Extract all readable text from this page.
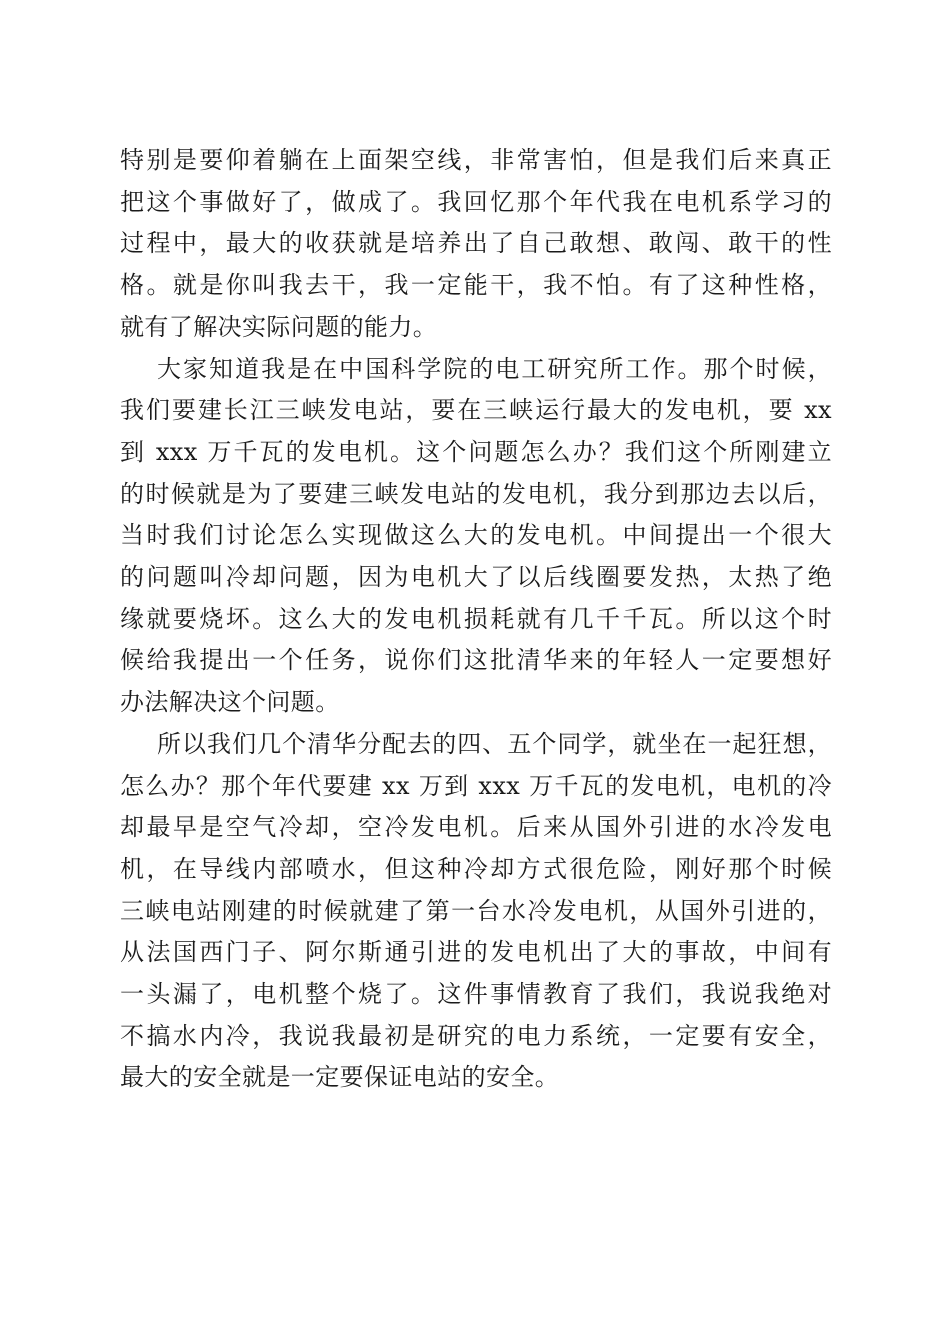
特别是要仰着躺在上面架空线，非常害怕，但是我们后来真正
把这个事做好了，做成了。我回忆那个年代我在电机系学习的
过程中，最大的收获就是培养出了自己敢想、敢闯、敢干的性
格。就是你叫我去干，我一定能干，我不怕。有了这种性格，
就有了解决实际问题的能力。
大家知道我是在中国科学院的电工研究所工作。那个时候，
我们要建长江三峡发电站，要在三峡运行最大的发电机，要 xx
到 xxx 万千瓦的发电机。这个问题怎么办？我们这个所刚建立
的时候就是为了要建三峡发电站的发电机，我分到那边去以后，
当时我们讨论怎么实现做这么大的发电机。中间提出一个很大
的问题叫冷却问题，因为电机大了以后线圈要发热，太热了绝
缘就要烧坏。这么大的发电机损耗就有几千千瓦。所以这个时
候给我提出一个任务，说你们这批清华来的年轻人一定要想好
办法解决这个问题。
所以我们几个清华分配去的四、五个同学，就坐在一起狂想，
怎么办？那个年代要建 xx 万到 xxx 万千瓦的发电机，电机的冷
却最早是空气冷却，空冷发电机。后来从国外引进的水冷发电
机，在导线内部喷水，但这种冷却方式很危险，刚好那个时候
三峡电站刚建的时候就建了第一台水冷发电机，从国外引进的，
从法国西门子、阿尔斯通引进的发电机出了大的事故，中间有
一头漏了，电机整个烧了。这件事情教育了我们，我说我绝对
不搞水内冷，我说我最初是研究的电力系统，一定要有安全，
最大的安全就是一定要保证电站的安全。
